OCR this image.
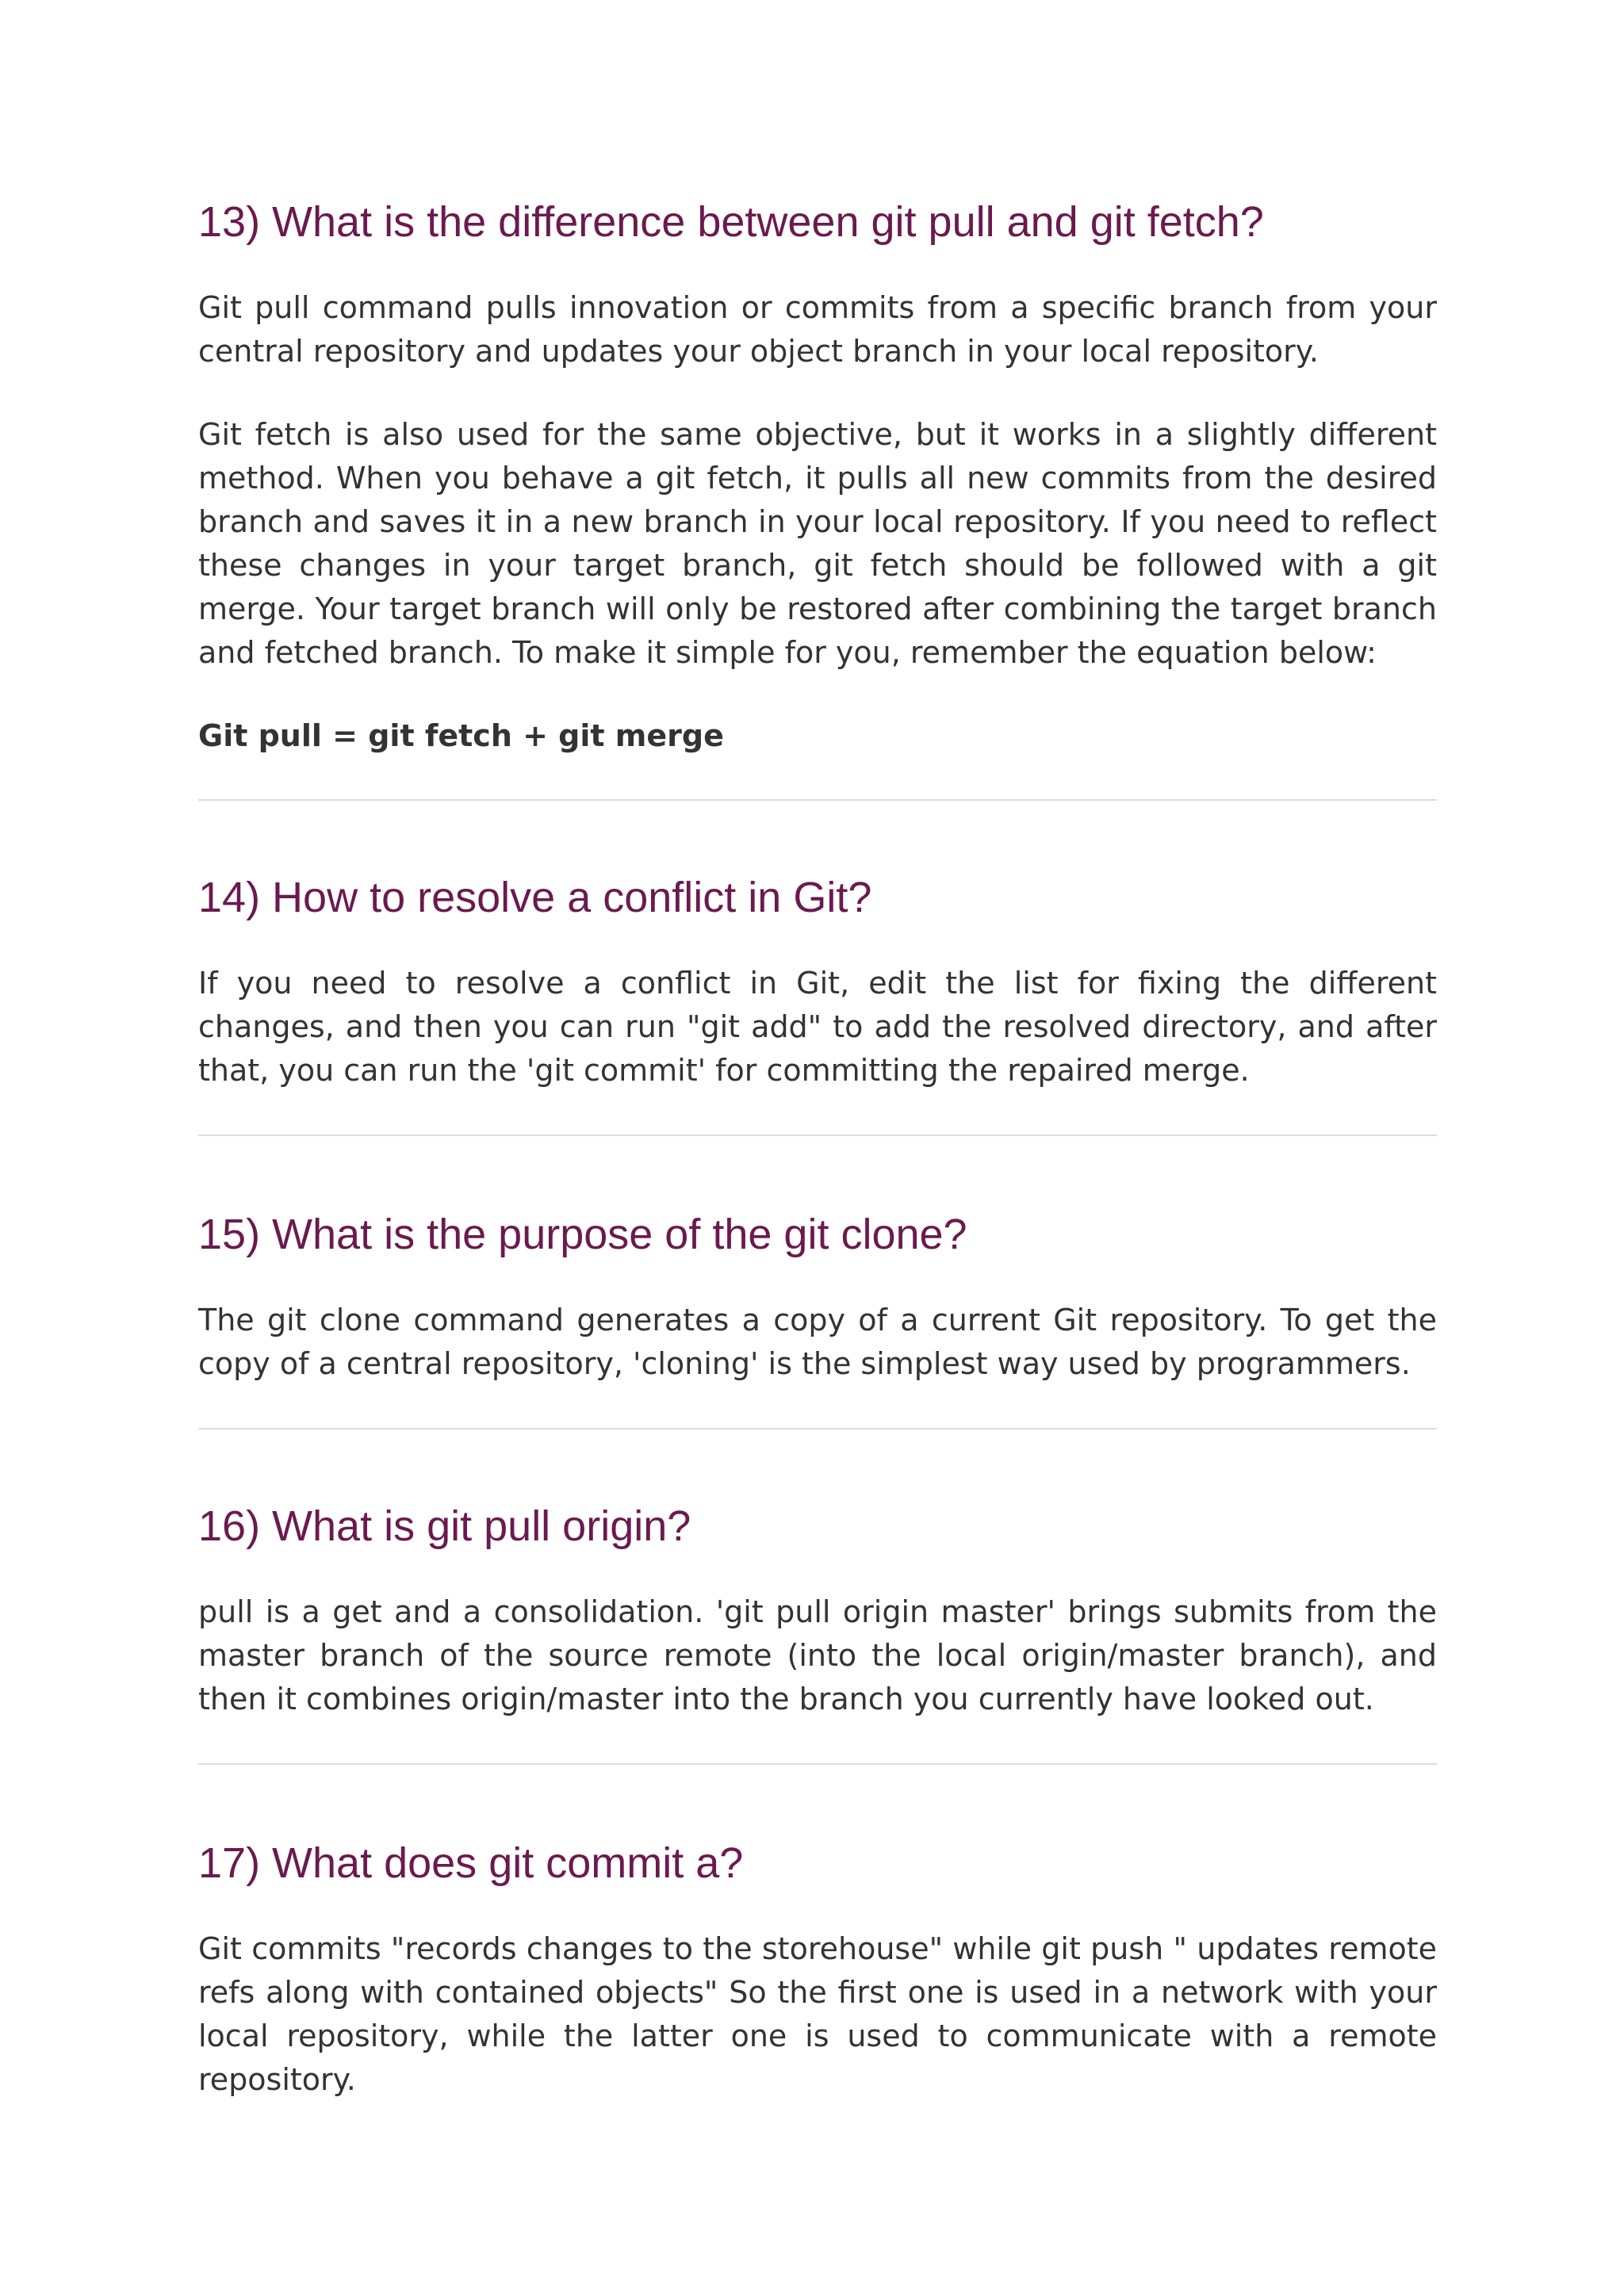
13) What is the difference between git pull and git fetch?

Git pull command pulls innovation or commits from a specific branch from your central repository and updates your object branch in your local repository.

Git fetch is also used for the same objective, but it works in a slightly different method. When you behave a git fetch, it pulls all new commits from the desired branch and saves it in a new branch in your local repository. If you need to reflect these changes in your target branch, git fetch should be followed with a git merge. Your target branch will only be restored after combining the target branch and fetched branch. To make it simple for you, remember the equation below:

Git pull = git fetch + git merge

14) How to resolve a conflict in Git?

If you need to resolve a conflict in Git, edit the list for fixing the different changes, and then you can run "git add" to add the resolved directory, and after that, you can run the 'git commit' for committing the repaired merge.

15) What is the purpose of the git clone?

The git clone command generates a copy of a current Git repository. To get the copy of a central repository, 'cloning' is the simplest way used by programmers.

16) What is git pull origin?

pull is a get and a consolidation. 'git pull origin master' brings submits from the master branch of the source remote (into the local origin/master branch), and then it combines origin/master into the branch you currently have looked out.

17) What does git commit a?

Git commits "records changes to the storehouse" while git push " updates remote refs along with contained objects" So the first one is used in a network with your local repository, while the latter one is used to communicate with a remote repository.
